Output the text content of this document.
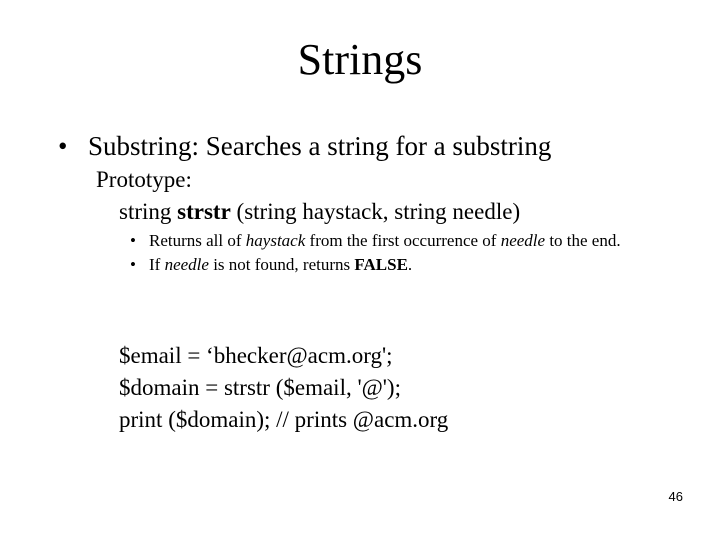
Strings
• Substring: Searches a string for a substring
Prototype:
string strstr (string haystack, string needle)

• Returns all of haystack from the first occurrence of needle to the end.

• If needle is not found, returns FALSE.

$email = ‘bhecker@acm.org';
$domain = strstr ($email, '@');
print ($domain); // prints @acm.org
46
